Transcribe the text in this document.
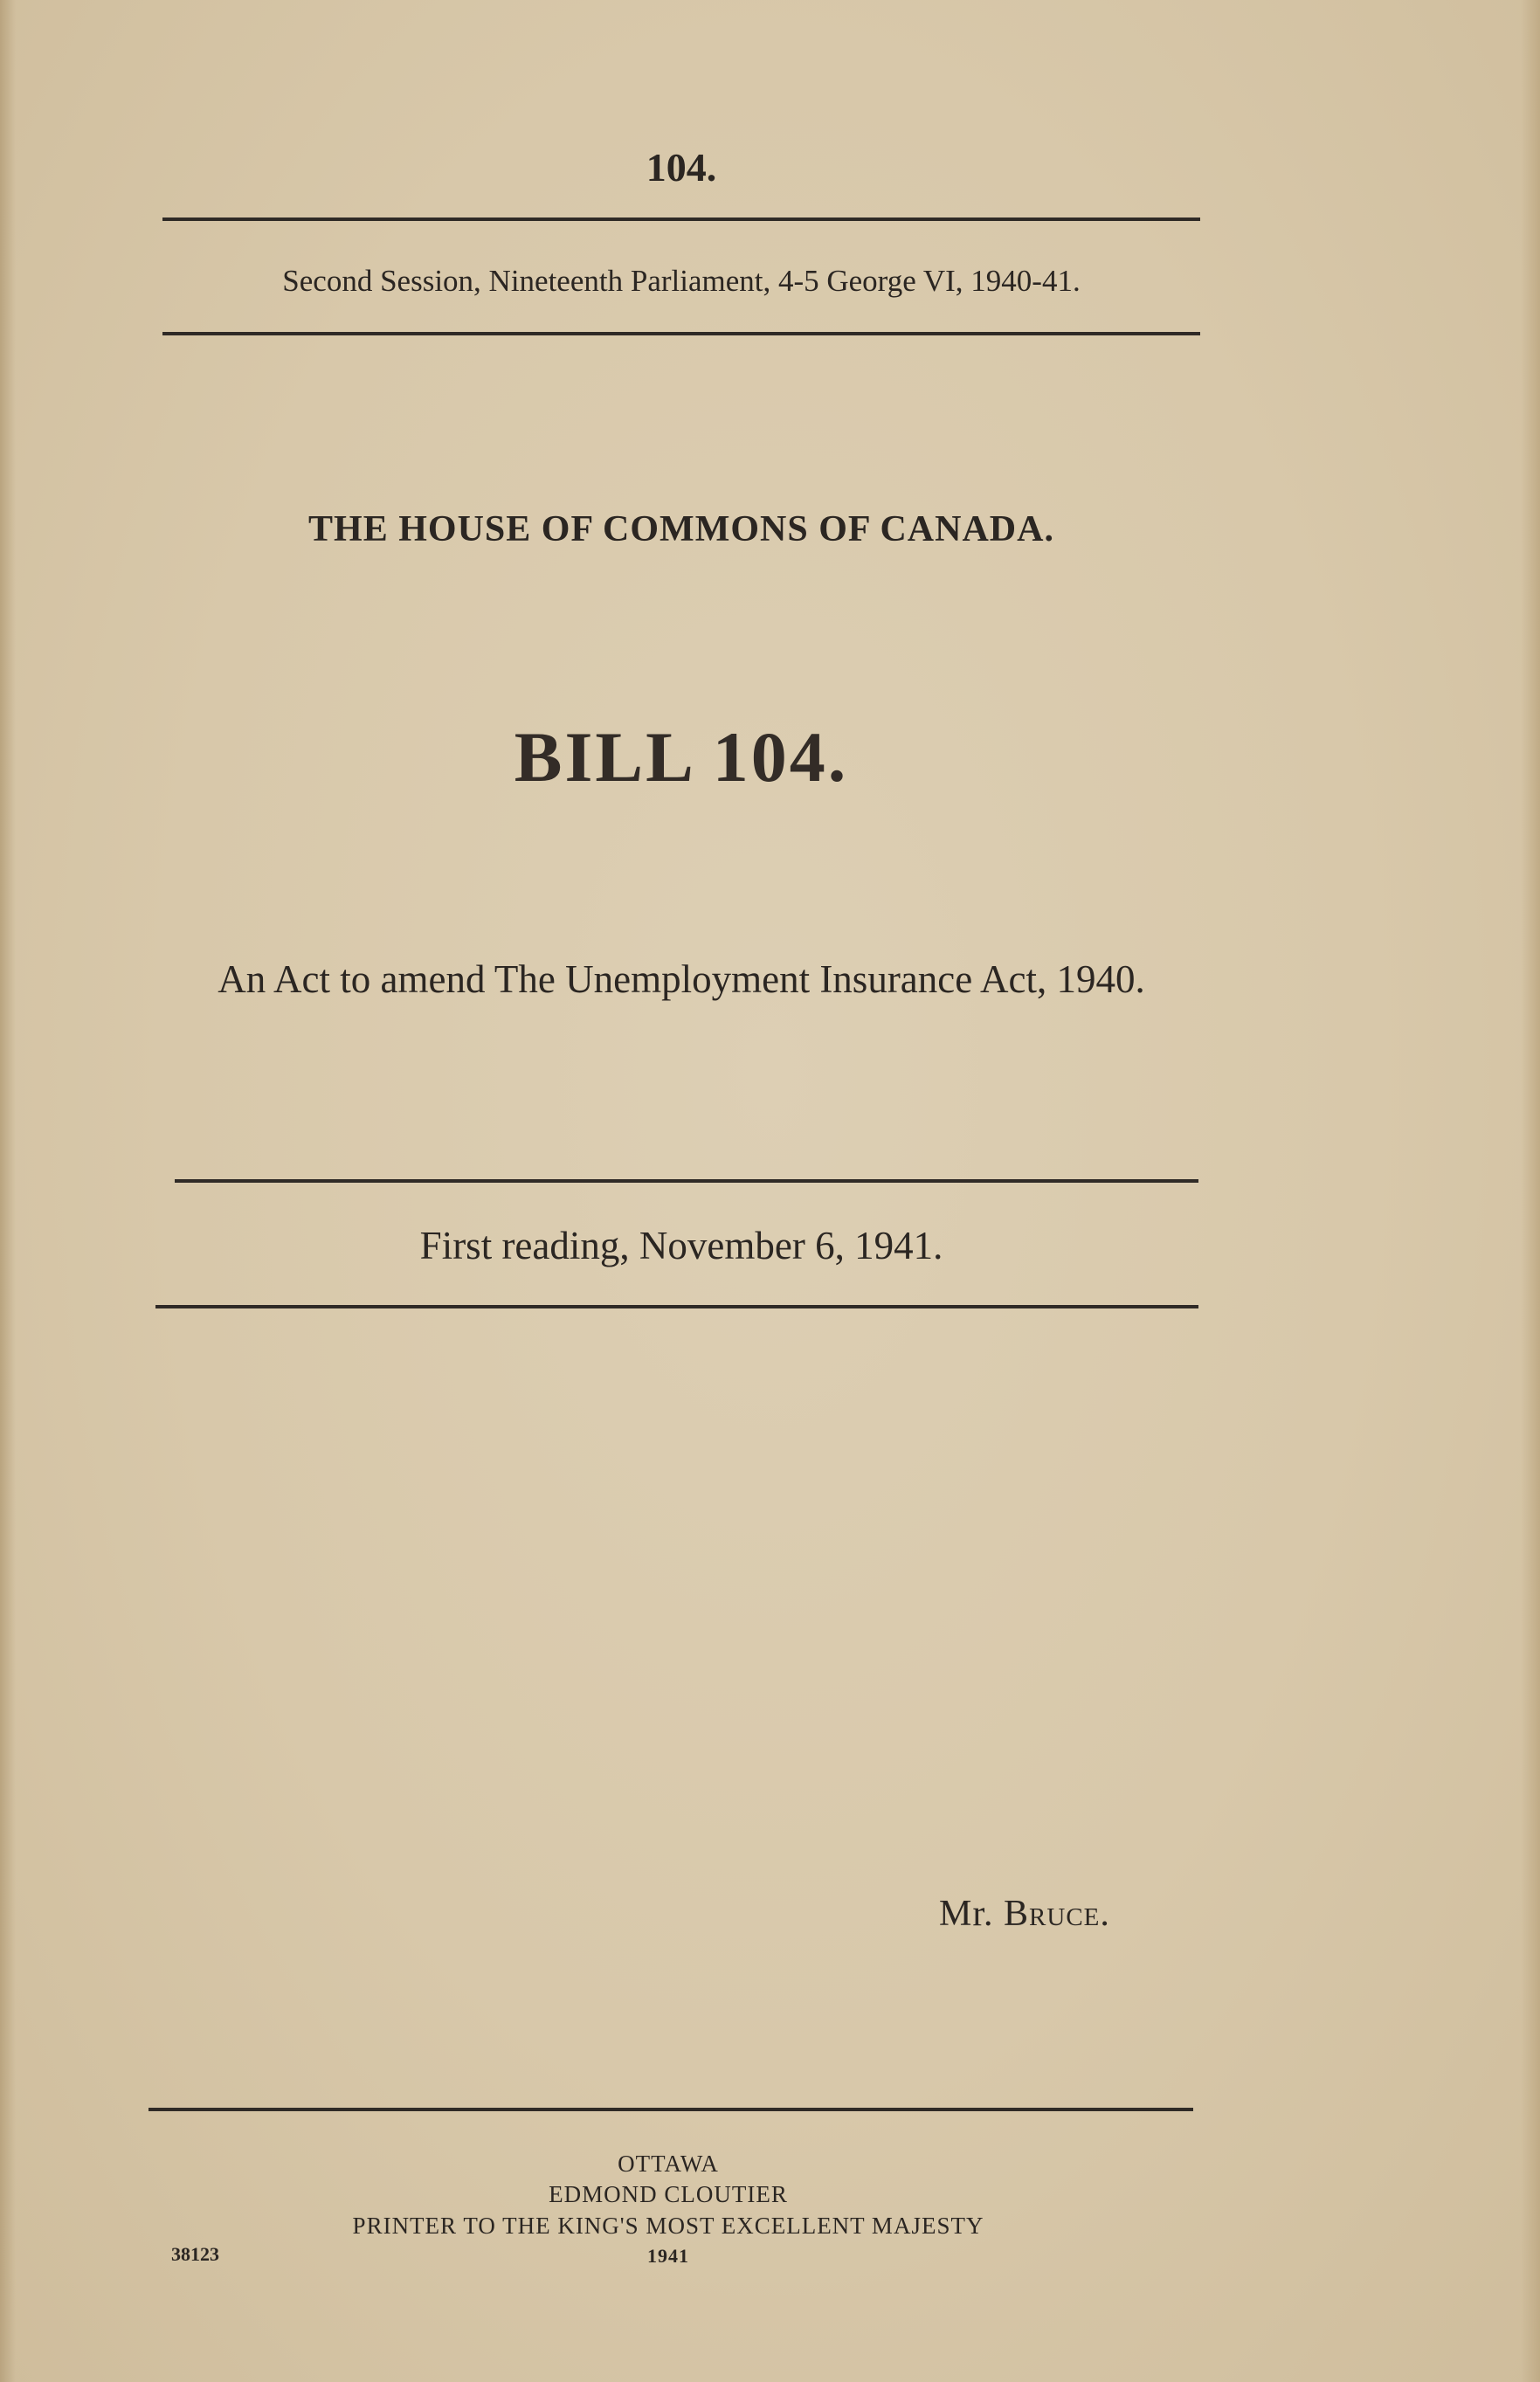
104.
Second Session, Nineteenth Parliament, 4-5 George VI, 1940-41.
THE HOUSE OF COMMONS OF CANADA.
BILL 104.
An Act to amend The Unemployment Insurance Act, 1940.
First reading, November 6, 1941.
Mr. Bruce.
OTTAWA
EDMOND CLOUTIER
PRINTER TO THE KING'S MOST EXCELLENT MAJESTY
1941
38123
